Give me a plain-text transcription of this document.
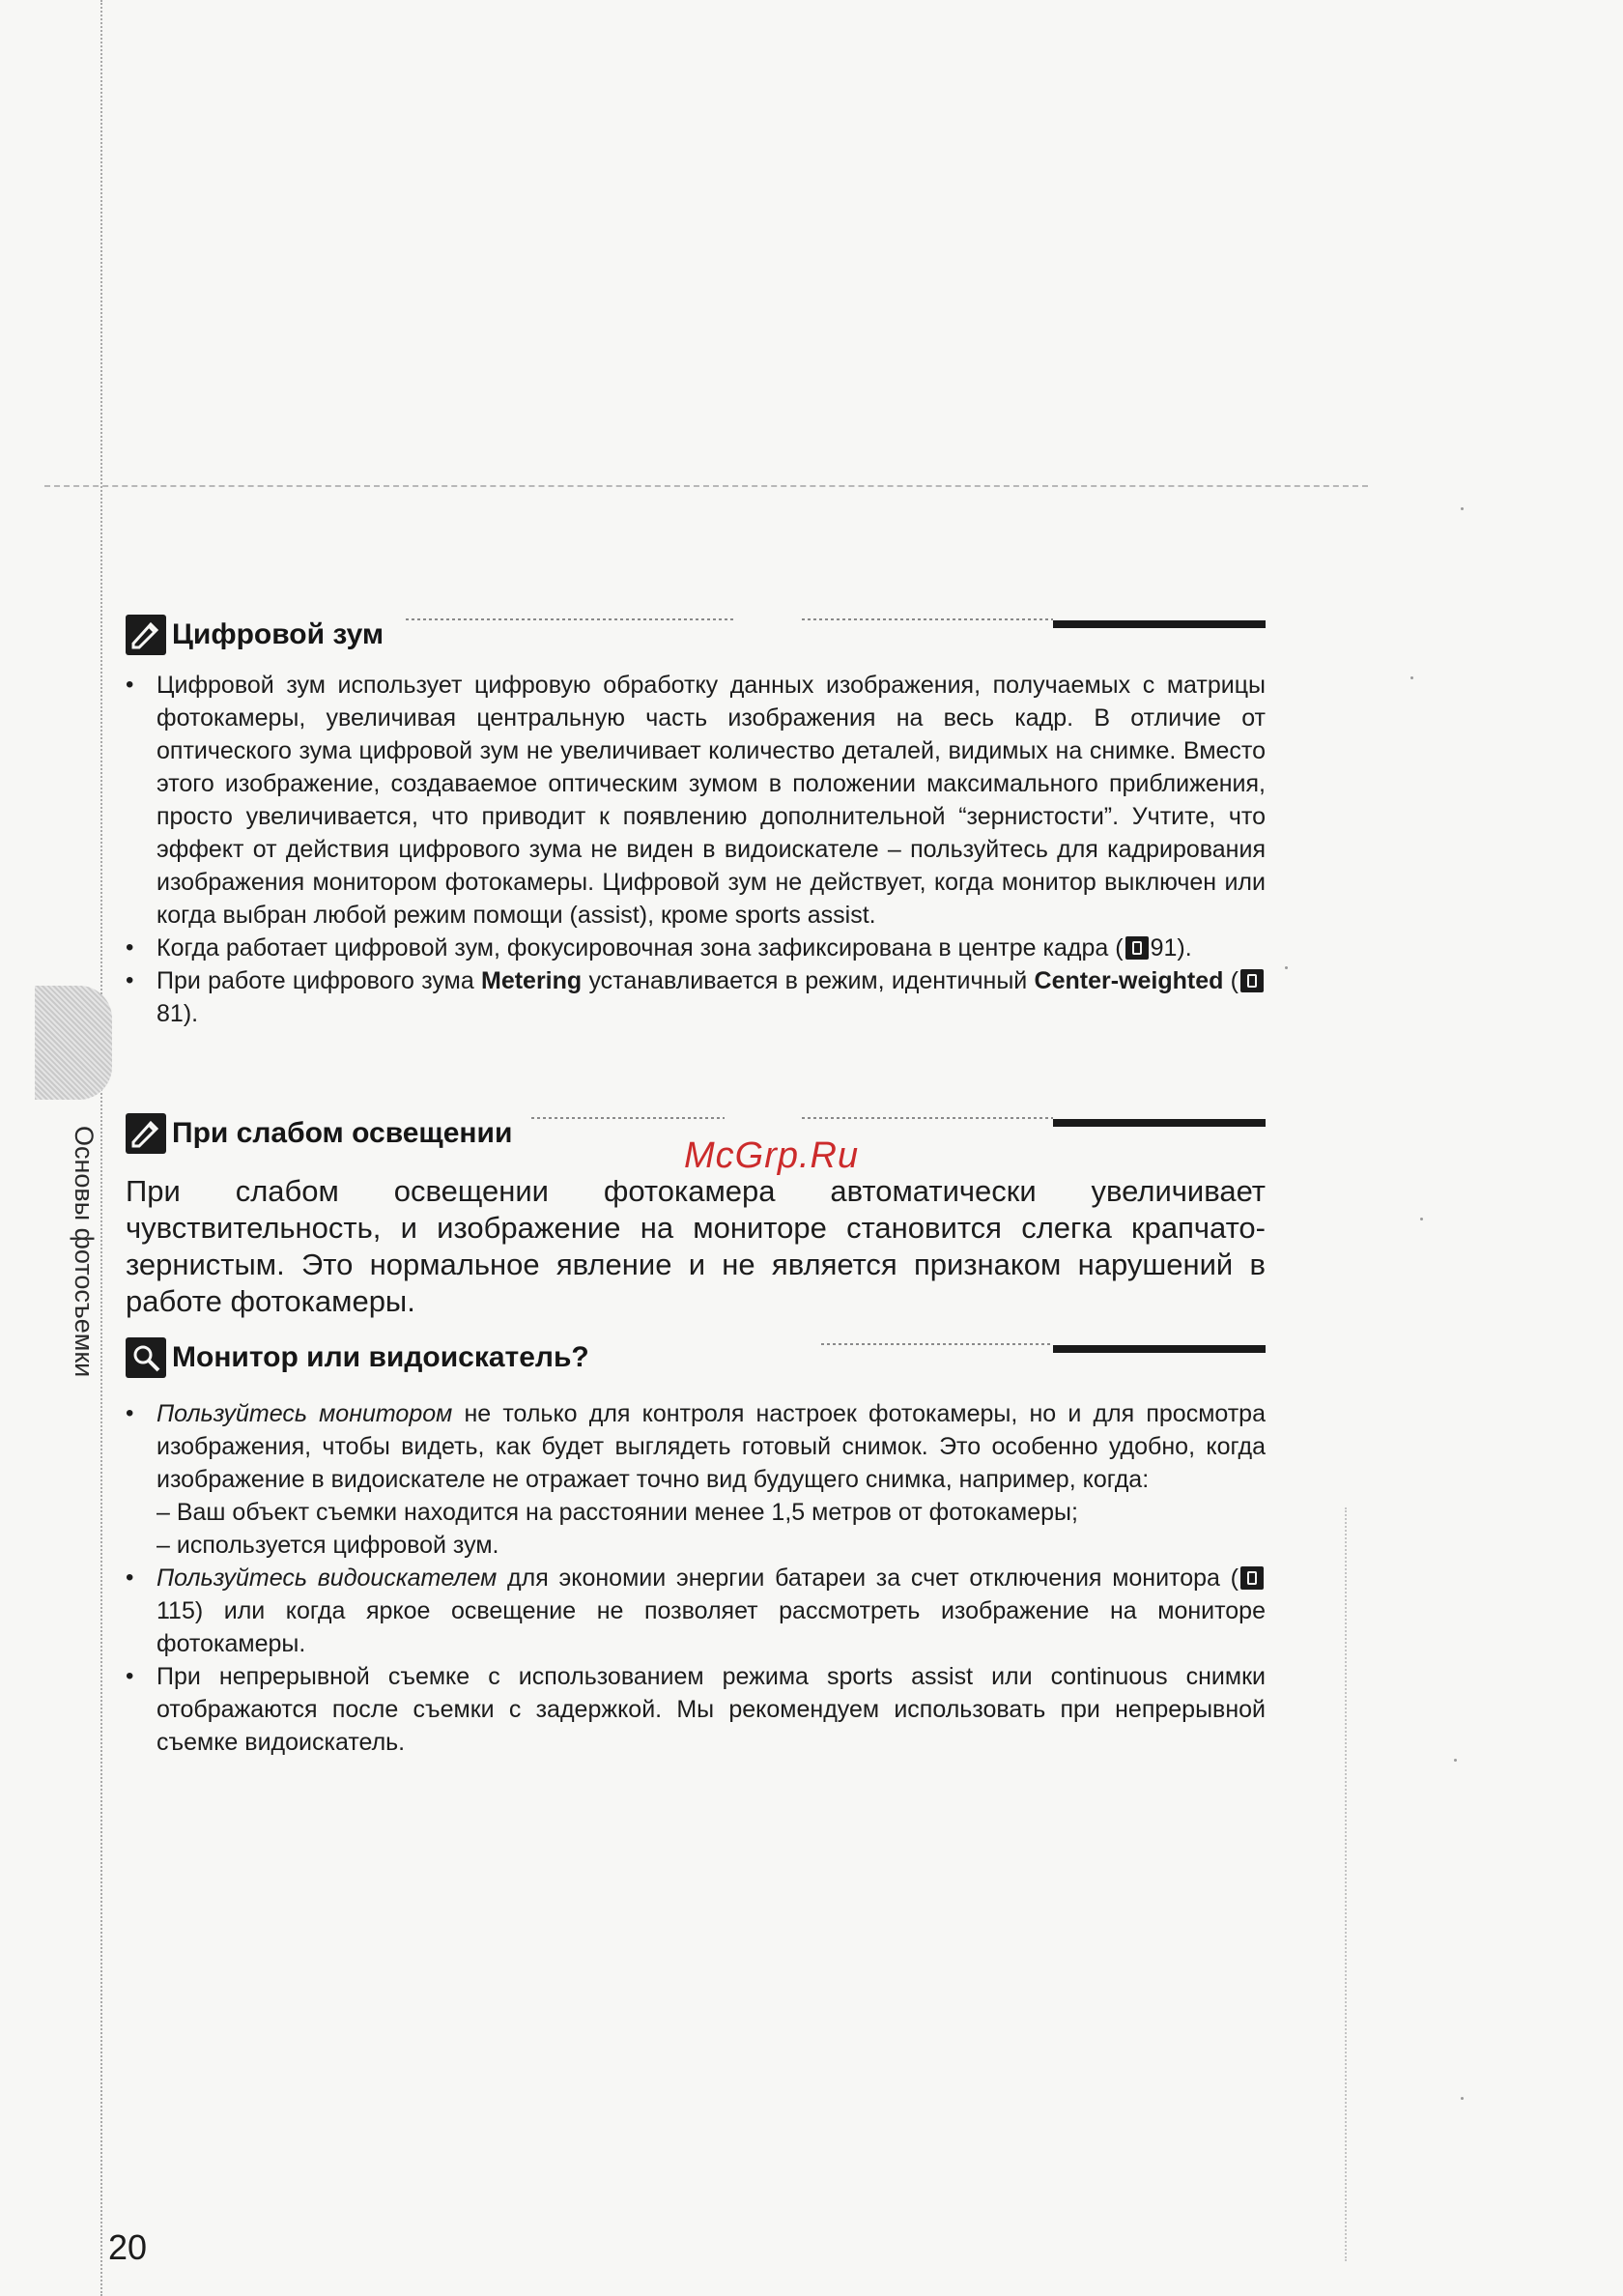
Основы фотосъемки	McGrp.Ru
Цифровой зум
• Цифровой зум использует цифровую обработку данных изображения, получаемых с матрицы фотокамеры, увеличивая центральную часть изображения на весь кадр. В отличие от оптического зума цифровой зум не увеличивает количество деталей, видимых на снимке. Вместо этого изображение, создаваемое оптическим зумом в положении максимального приближения, просто увеличивается, что приводит к появлению дополнительной “зернистости”. Учтите, что эффект от действия цифрового зума не виден в видоискателе – пользуйтесь для кадрирования изображения монитором фотокамеры. Цифровой зум не действует, когда монитор выключен или когда выбран любой режим помощи (assist), кроме sports assist.
• Когда работает цифровой зум, фокусировочная зона зафиксирована в центре кадра ( 91).
• При работе цифрового зума Metering устанавливается в режим, идентичный Center-weighted (81).
При слабом освещении
При слабом освещении фотокамера автоматически увеличивает чувствительность, и изображение на мониторе становится слегка крапчато-зернистым. Это нормальное явление и не является признаком нарушений в работе фотокамеры.
Монитор или видоискатель?
• Пользуйтесь монитором не только для контроля настроек фотокамеры, но и для просмотра изображения, чтобы видеть, как будет выглядеть готовый снимок. Это особенно удобно, когда изображение в видоискателе не отражает точно вид будущего снимка, например, когда:
– Ваш объект съемки находится на расстоянии менее 1,5 метров от фотокамеры;
– используется цифровой зум.
• Пользуйтесь видоискателем для экономии энергии батареи за счет отключения монитора (115) или когда яркое освещение не позволяет рассмотреть изображение на мониторе фотокамеры.
• При непрерывной съемке с использованием режима sports assist или continuous снимки отображаются после съемки с задержкой. Мы рекомендуем использовать при непрерывной съемке видоискатель.
20
